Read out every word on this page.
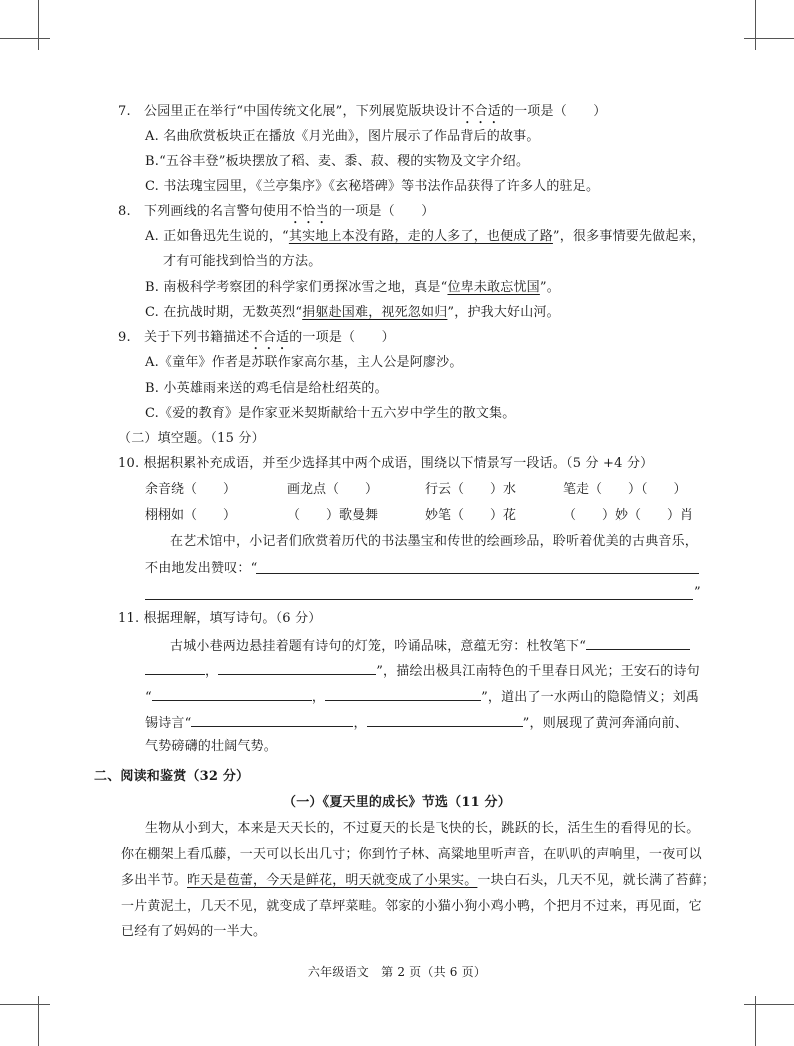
7.　公园里正在举行“中国传统文化展”，下列展览版块设计不合适的一项是（　　）
A. 名曲欣赏板块正在播放《月光曲》，图片展示了作品背后的故事。
B.“五谷丰登”板块摆放了稻、麦、黍、菽、稷的实物及文字介绍。
C. 书法瑰宝园里，《兰亭集序》《玄秘塔碑》等书法作品获得了许多人的驻足。
8.　下列画线的名言警句使用不恰当的一项是（　　）
A. 正如鲁迅先生说的，“其实地上本没有路，走的人多了，也便成了路”，很多事情要先做起来，
才有可能找到恰当的方法。
B. 南极科学考察团的科学家们勇探冰雪之地，真是“位卑未敢忘忧国”。
C. 在抗战时期，无数英烈“捐躯赴国难，视死忽如归”，护我大好山河。
9.　关于下列书籍描述不合适的一项是（　　）
A.《童年》作者是苏联作家高尔基，主人公是阿廖沙。
B. 小英雄雨来送的鸡毛信是给杜绍英的。
C.《爱的教育》是作家亚米契斯献给十五六岁中学生的散文集。
（二）填空题。（15 分）
10. 根据积累补充成语，并至少选择其中两个成语，围绕以下情景写一段话。（5 分 +4 分）
余音绕（　　）	画龙点（　　）	行云（　　）水	笔走（　　）（　　）
栩栩如（　　）	（　　）歌曼舞	妙笔（　　）花	（　　）妙（　　）肖
在艺术馆中，小记者们欣赏着历代的书法墨宝和传世的绘画珍品，聆听着优美的古典音乐，
不由地发出赞叹：“
”
11. 根据理解，填写诗句。（6 分）
古城小巷两边悬挂着题有诗句的灯笼，吟诵品味，意蕴无穷：杜牧笔下“
，	”，描绘出极具江南特色的千里春日风光；王安石的诗句
“	，	”，道出了一水两山的隐隐情义；刘禹
锡诗言“	，	”，则展现了黄河奔涌向前、
气势磅礴的壮阔气势。
二、阅读和鉴赏（32 分）
（一）《夏天里的成长》节选（11 分）
生物从小到大，本来是天天长的，不过夏天的长是飞快的长，跳跃的长，活生生的看得见的长。
你在棚架上看瓜藤，一天可以长出几寸；你到竹子林、高粱地里听声音，在叭叭的声响里，一夜可以
多出半节。昨天是苞蕾，今天是鲜花，明天就变成了小果实。一块白石头，几天不见，就长满了苔藓；
一片黄泥土，几天不见，就变成了草坪菜畦。邻家的小猫小狗小鸡小鸭，个把月不过来，再见面，它
已经有了妈妈的一半大。
六年级语文　第 2 页（共 6 页）
